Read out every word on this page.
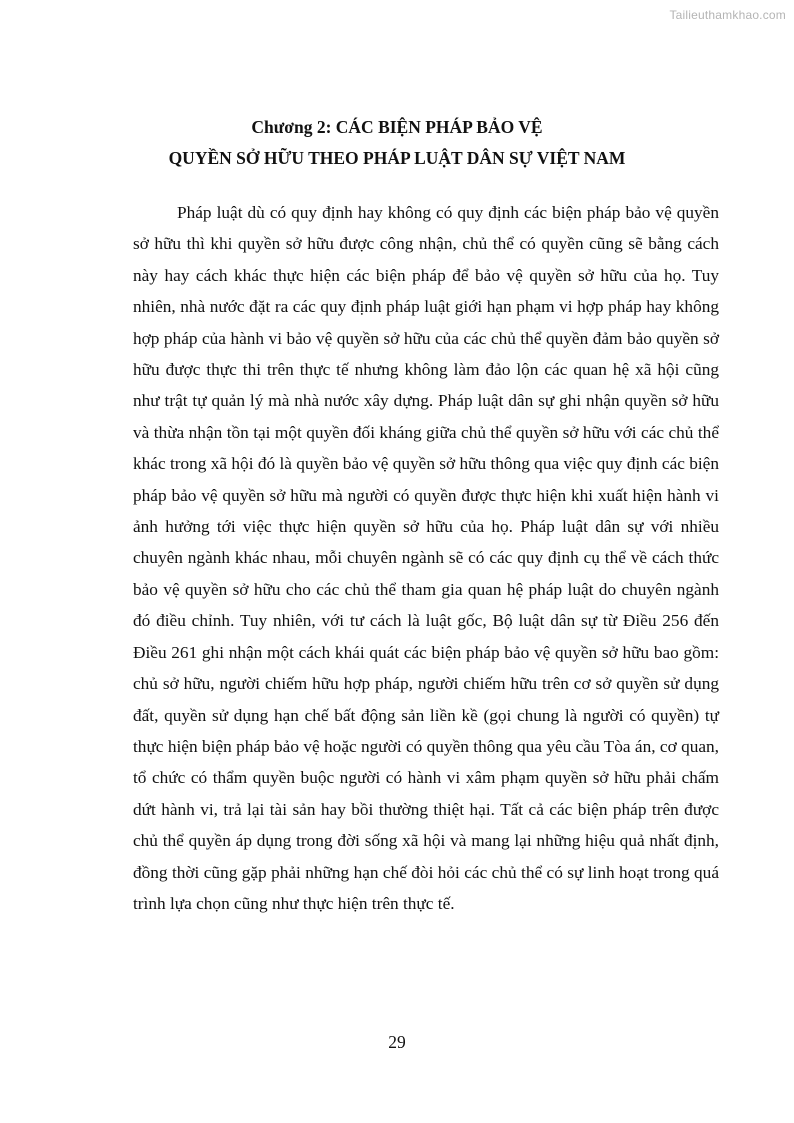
Tailieuthamkhao.com
Chương 2: CÁC BIỆN PHÁP BẢO VỆ
QUYỀN SỞ HỮU THEO PHÁP LUẬT DÂN SỰ VIỆT NAM

Pháp luật dù có quy định hay không có quy định các biện pháp bảo vệ quyền sở hữu thì khi quyền sở hữu được công nhận, chủ thể có quyền cũng sẽ bằng cách này hay cách khác thực hiện các biện pháp để bảo vệ quyền sở hữu của họ. Tuy nhiên, nhà nước đặt ra các quy định pháp luật giới hạn phạm vi hợp pháp hay không hợp pháp của hành vi bảo vệ quyền sở hữu của các chủ thể quyền đảm bảo quyền sở hữu được thực thi trên thực tế nhưng không làm đảo lộn các quan hệ xã hội cũng như trật tự quản lý mà nhà nước xây dựng. Pháp luật dân sự ghi nhận quyền sở hữu và thừa nhận tồn tại một quyền đối kháng giữa chủ thể quyền sở hữu với các chủ thể khác trong xã hội đó là quyền bảo vệ quyền sở hữu thông qua việc quy định các biện pháp bảo vệ quyền sở hữu mà người có quyền được thực hiện khi xuất hiện hành vi ảnh hưởng tới việc thực hiện quyền sở hữu của họ. Pháp luật dân sự với nhiều chuyên ngành khác nhau, mỗi chuyên ngành sẽ có các quy định cụ thể về cách thức bảo vệ quyền sở hữu cho các chủ thể tham gia quan hệ pháp luật do chuyên ngành đó điều chỉnh. Tuy nhiên, với tư cách là luật gốc, Bộ luật dân sự từ Điều 256 đến Điều 261 ghi nhận một cách khái quát các biện pháp bảo vệ quyền sở hữu bao gồm: chủ sở hữu, người chiếm hữu hợp pháp, người chiếm hữu trên cơ sở quyền sử dụng đất, quyền sử dụng hạn chế bất động sản liền kề (gọi chung là người có quyền) tự thực hiện biện pháp bảo vệ hoặc người có quyền thông qua yêu cầu Tòa án, cơ quan, tổ chức có thẩm quyền buộc người có hành vi xâm phạm quyền sở hữu phải chấm dứt hành vi, trả lại tài sản hay bồi thường thiệt hại. Tất cả các biện pháp trên được chủ thể quyền áp dụng trong đời sống xã hội và mang lại những hiệu quả nhất định, đồng thời cũng gặp phải những hạn chế đòi hỏi các chủ thể có sự linh hoạt trong quá trình lựa chọn cũng như thực hiện trên thực tế.

29
